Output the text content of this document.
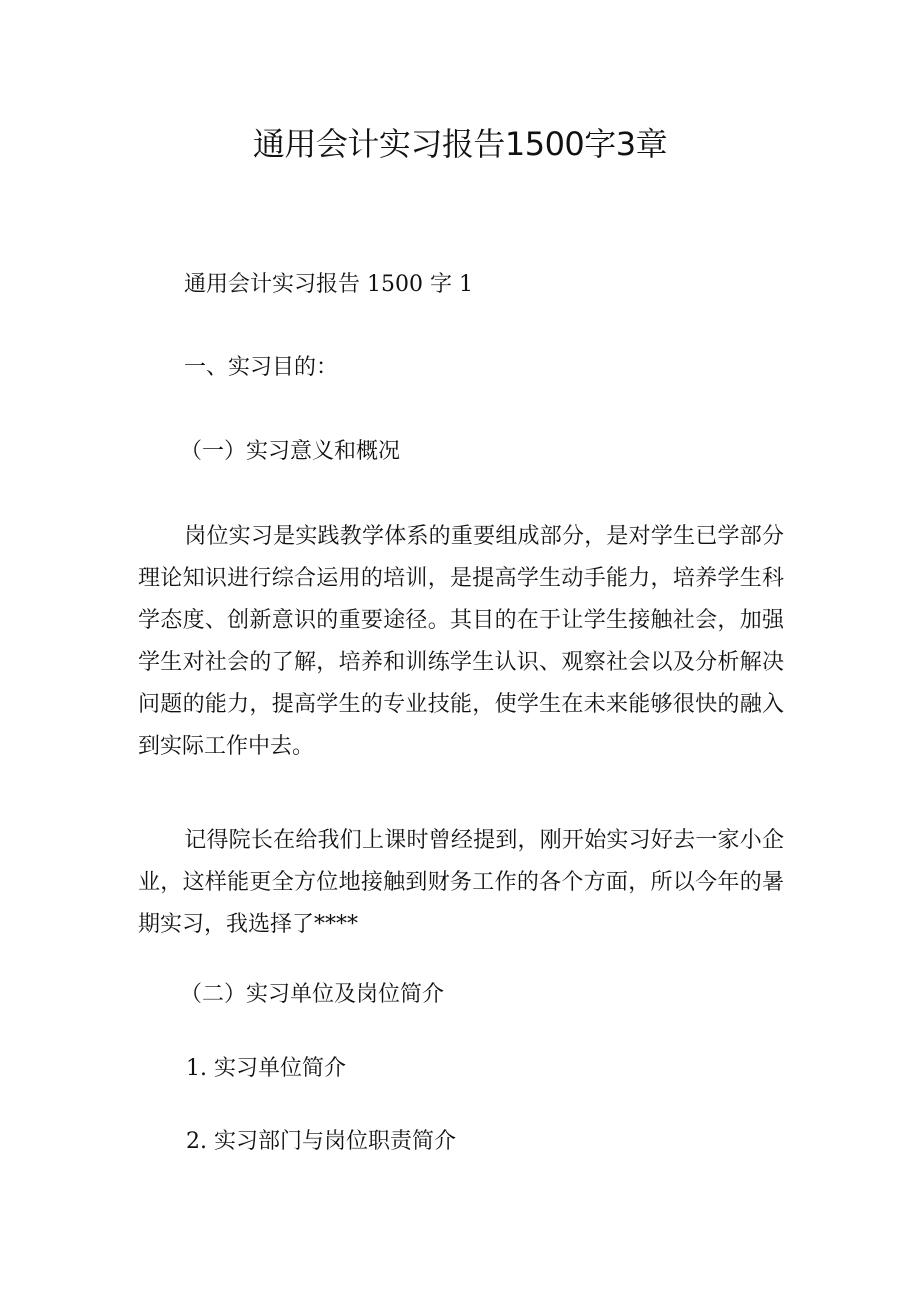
通用会计实习报告1500字3章

通用会计实习报告 1500 字 1

一、实习目的：

（一）实习意义和概况

岗位实习是实践教学体系的重要组成部分，是对学生已学部分理论知识进行综合运用的培训，是提高学生动手能力，培养学生科学态度、创新意识的重要途径。其目的在于让学生接触社会，加强学生对社会的了解，培养和训练学生认识、观察社会以及分析解决问题的能力，提高学生的专业技能，使学生在未来能够很快的融入到实际工作中去。

记得院长在给我们上课时曾经提到，刚开始实习好去一家小企业，这样能更全方位地接触到财务工作的各个方面，所以今年的暑期实习，我选择了****

（二）实习单位及岗位简介

1. 实习单位简介

2. 实习部门与岗位职责简介
